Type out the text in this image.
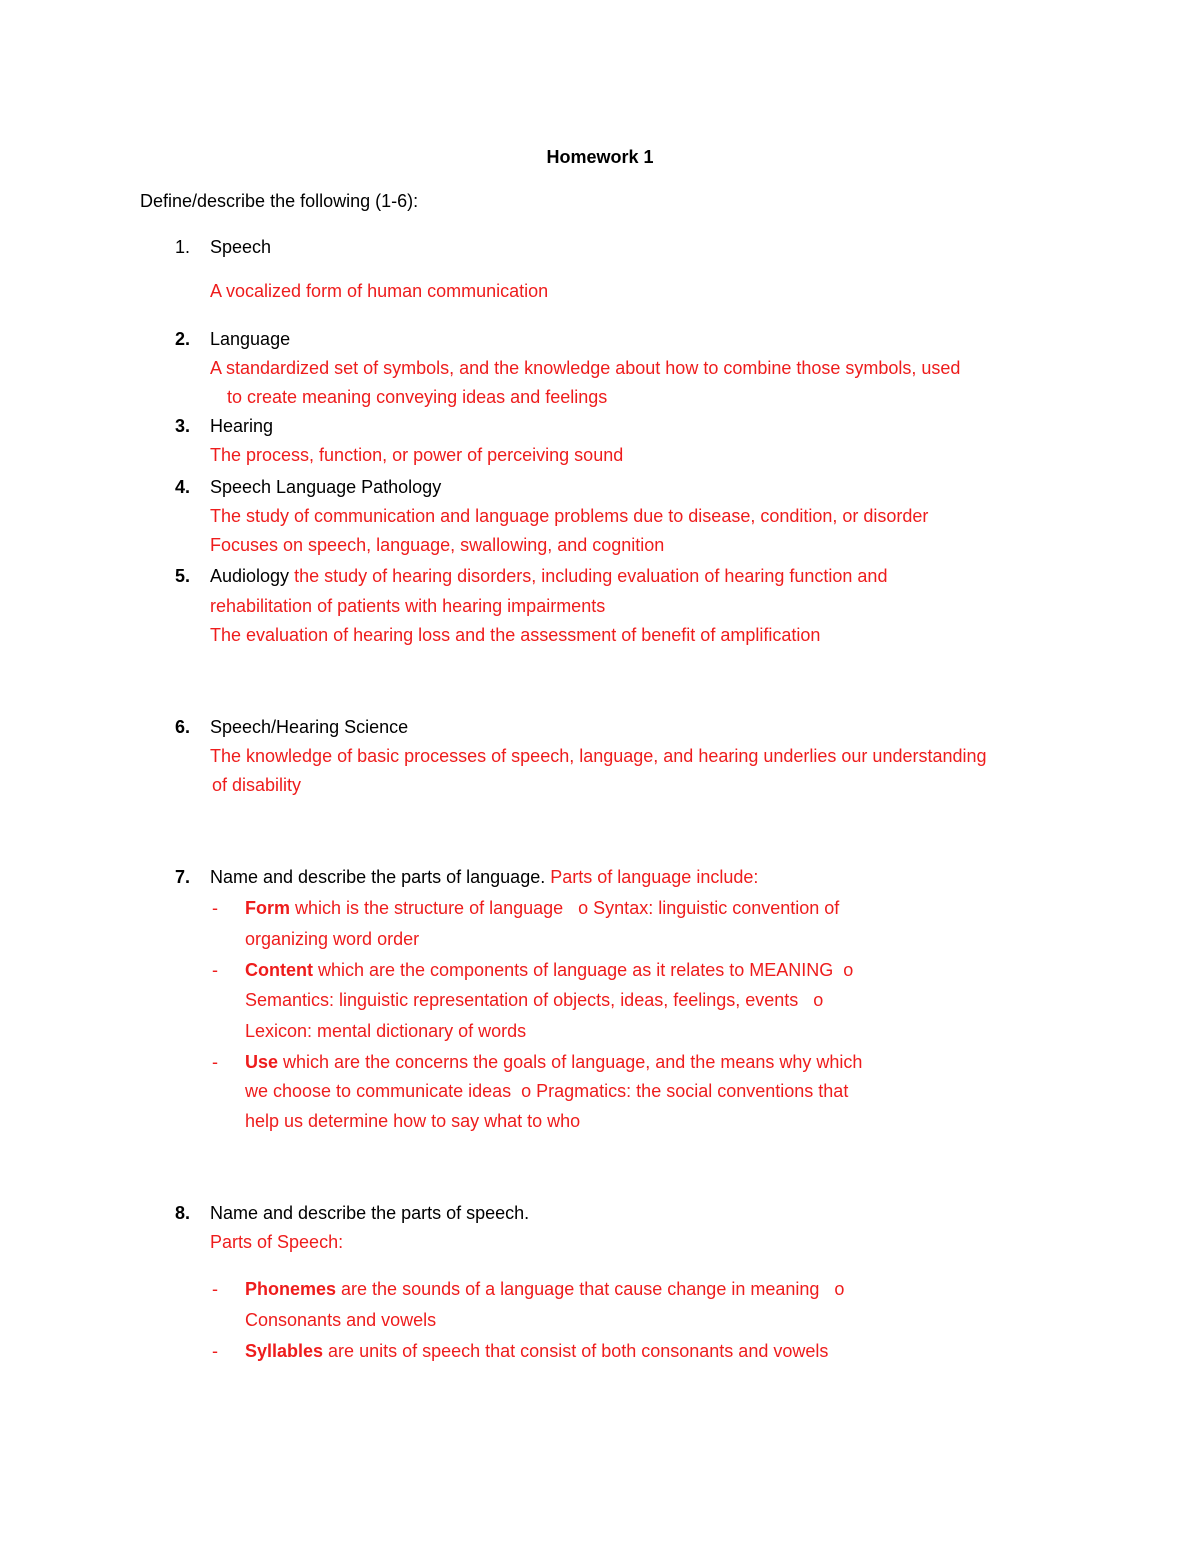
Homework 1
Define/describe the following (1-6):
1. Speech
A vocalized form of human communication
2. Language
A standardized set of symbols, and the knowledge about how to combine those symbols, used
to create meaning conveying ideas and feelings
3. Hearing
The process, function, or power of perceiving sound
4. Speech Language Pathology
The study of communication and language problems due to disease, condition, or disorder
Focuses on speech, language, swallowing, and cognition
5. Audiology the study of hearing disorders, including evaluation of hearing function and
rehabilitation of patients with hearing impairments
The evaluation of hearing loss and the assessment of benefit of amplification
6. Speech/Hearing Science
The knowledge of basic processes of speech, language, and hearing underlies our understanding
of disability
7. Name and describe the parts of language. Parts of language include:
- Form which is the structure of language   o Syntax: linguistic convention of
organizing word order
- Content which are the components of language as it relates to MEANING  o
Semantics: linguistic representation of objects, ideas, feelings, events   o
Lexicon: mental dictionary of words
- Use which are the concerns the goals of language, and the means why which
we choose to communicate ideas  o Pragmatics: the social conventions that
help us determine how to say what to who
8. Name and describe the parts of speech.
Parts of Speech:
- Phonemes are the sounds of a language that cause change in meaning   o
Consonants and vowels
- Syllables are units of speech that consist of both consonants and vowels
